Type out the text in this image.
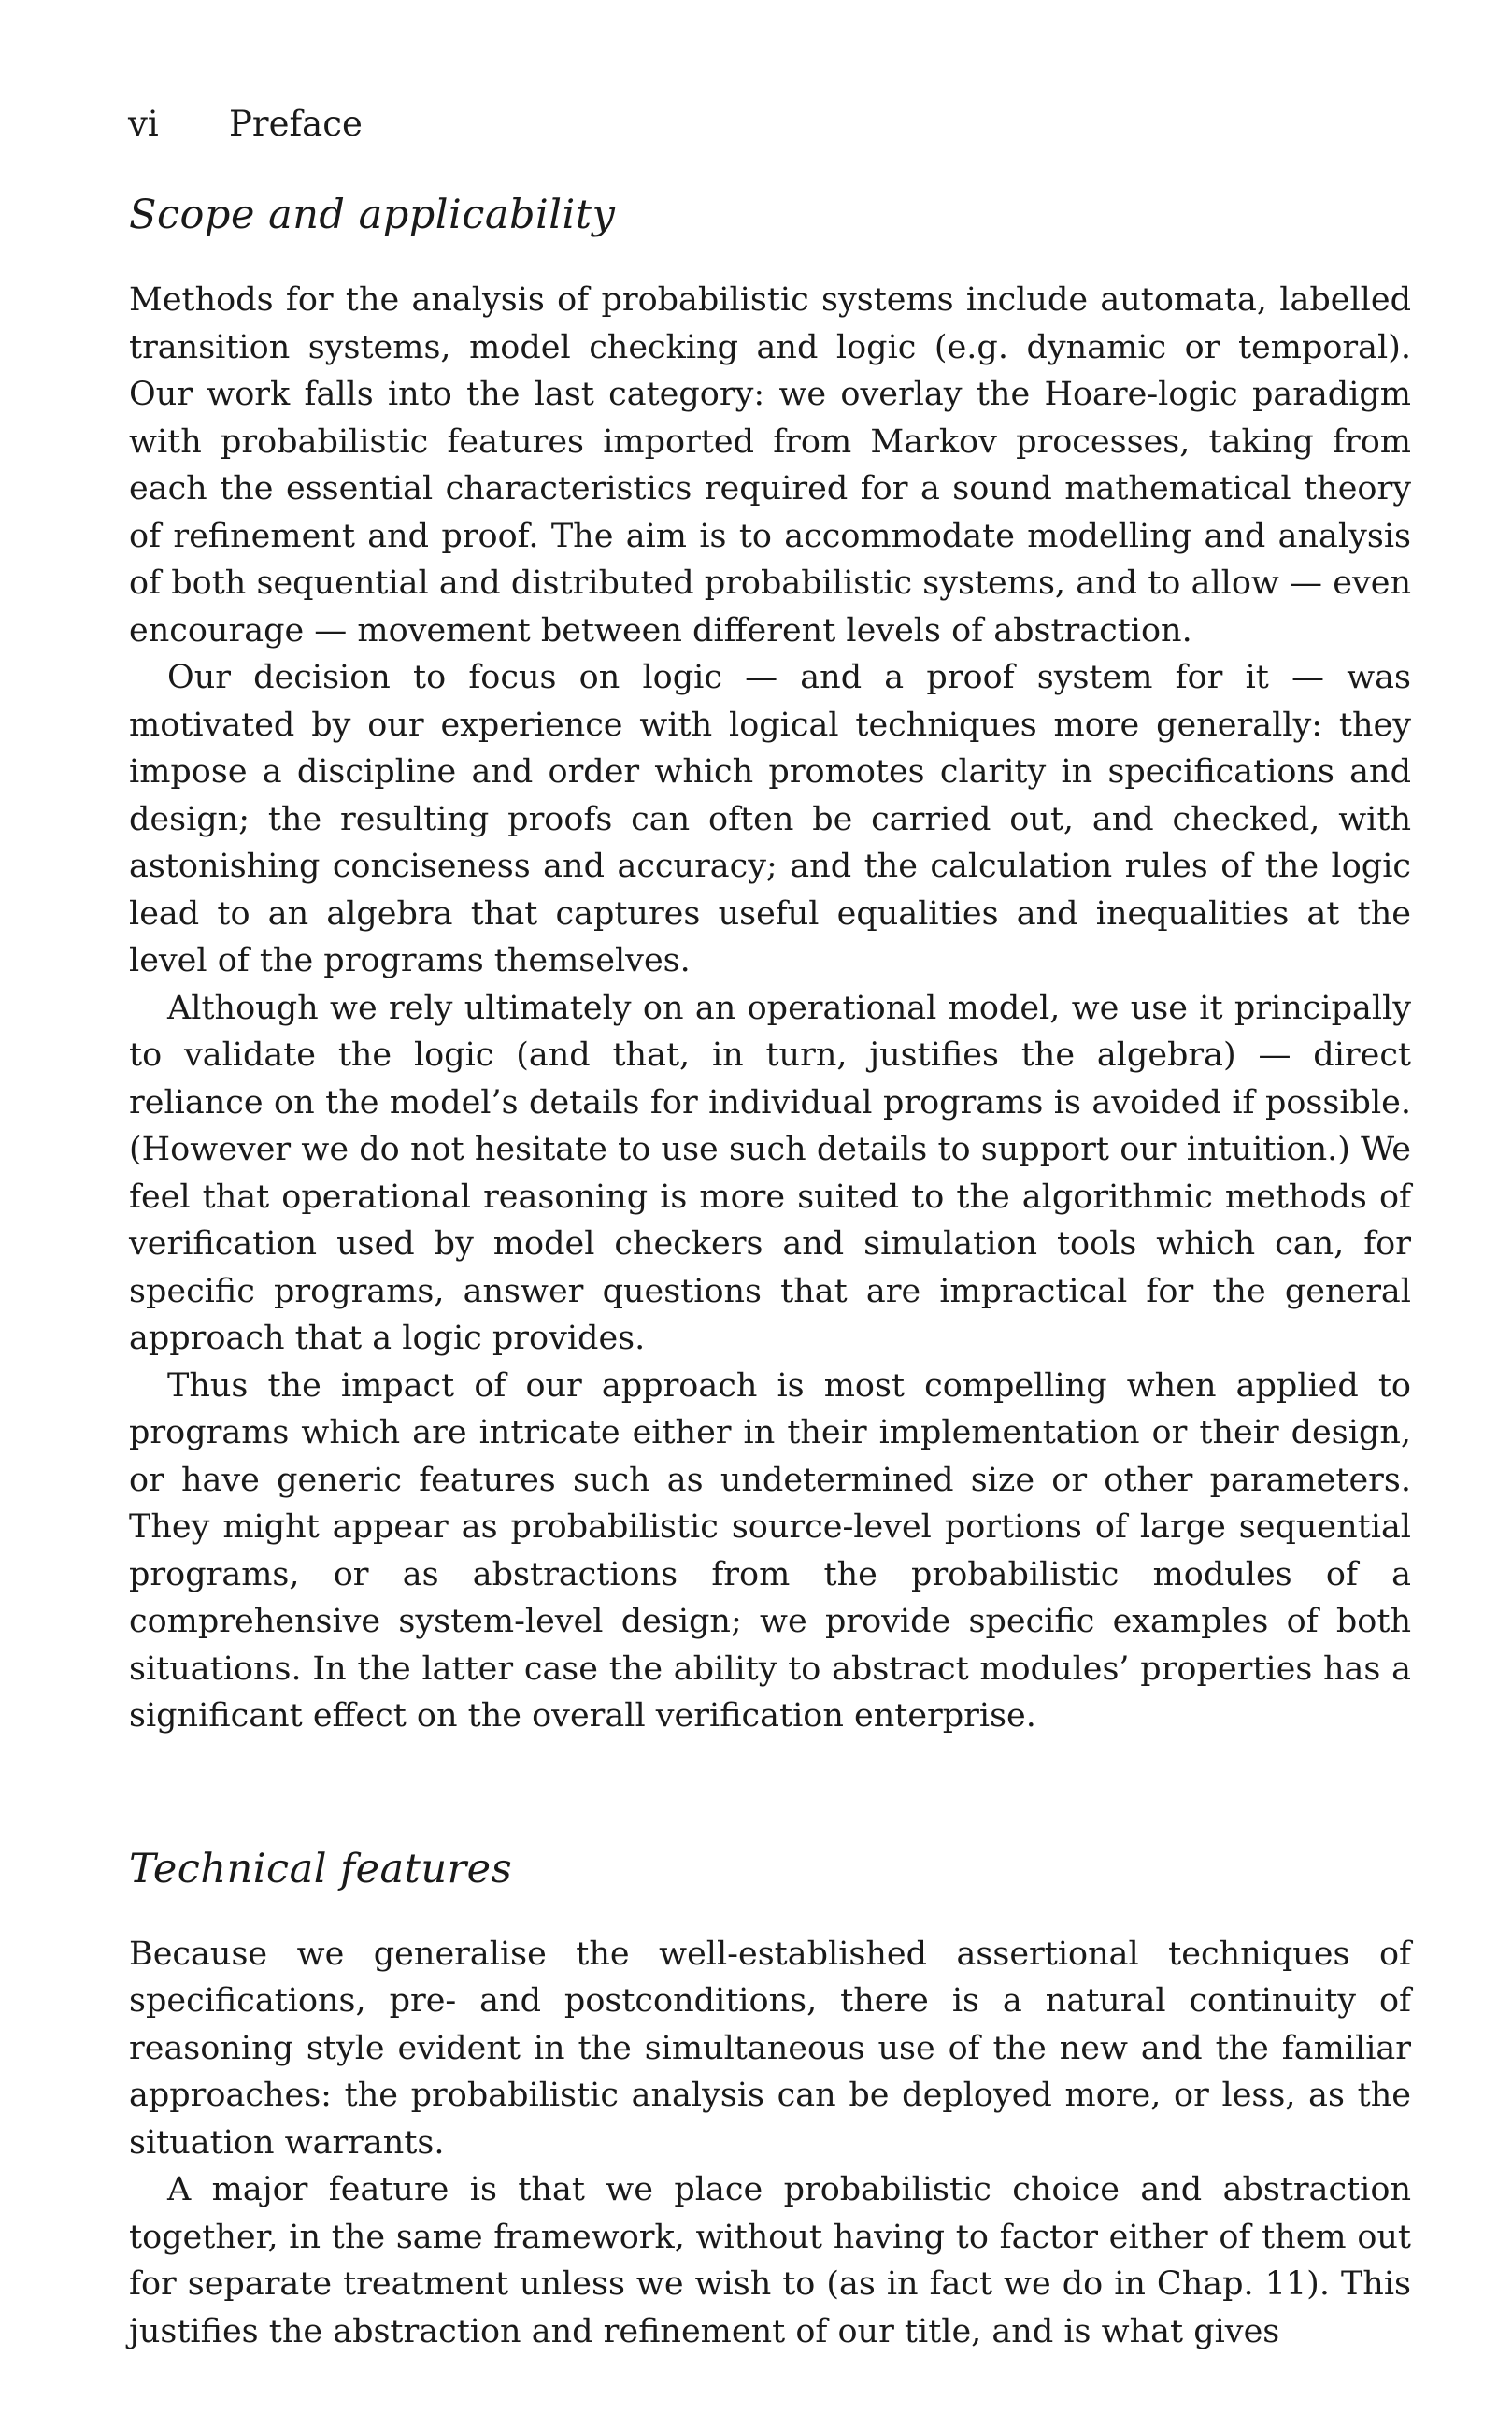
vi Preface
Scope and applicability

Methods for the analysis of probabilistic systems include automata, labelled transition systems, model checking and logic (e.g. dynamic or temporal). Our work falls into the last category: we overlay the Hoare-logic paradigm with probabilistic features imported from Markov processes, taking from each the essential characteristics required for a sound mathematical theory of refinement and proof. The aim is to accommodate modelling and analysis of both sequential and distributed probabilistic systems, and to allow — even encourage — movement between different levels of abstraction.

Our decision to focus on logic — and a proof system for it — was motivated by our experience with logical techniques more generally: they impose a discipline and order which promotes clarity in specifications and design; the resulting proofs can often be carried out, and checked, with astonishing conciseness and accuracy; and the calculation rules of the logic lead to an algebra that captures useful equalities and inequalities at the level of the programs themselves.

Although we rely ultimately on an operational model, we use it principally to validate the logic (and that, in turn, justifies the algebra) — direct reliance on the model’s details for individual programs is avoided if possible. (However we do not hesitate to use such details to support our intuition.) We feel that operational reasoning is more suited to the algorithmic methods of verification used by model checkers and simulation tools which can, for specific programs, answer questions that are impractical for the general approach that a logic provides.

Thus the impact of our approach is most compelling when applied to programs which are intricate either in their implementation or their design, or have generic features such as undetermined size or other parameters. They might appear as probabilistic source-level portions of large sequential programs, or as abstractions from the probabilistic modules of a comprehensive system-level design; we provide specific examples of both situations. In the latter case the ability to abstract modules’ properties has a significant effect on the overall verification enterprise.

Technical features

Because we generalise the well-established assertional techniques of specifications, pre- and postconditions, there is a natural continuity of reasoning style evident in the simultaneous use of the new and the familiar approaches: the probabilistic analysis can be deployed more, or less, as the situation warrants.

A major feature is that we place probabilistic choice and abstraction together, in the same framework, without having to factor either of them out for separate treatment unless we wish to (as in fact we do in Chap. 11). This justifies the abstraction and refinement of our title, and is what gives
